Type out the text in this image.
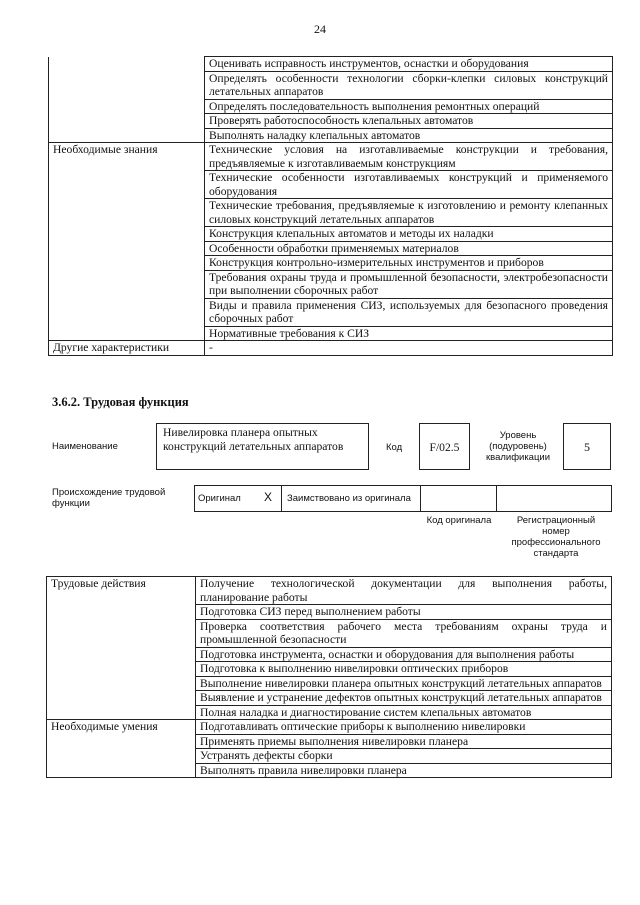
24
	Оценивать исправность инструментов, оснастки и оборудования
	Определять особенности технологии сборки-клепки силовых конструкций летательных аппаратов
	Определять последовательность выполнения ремонтных операций
	Проверять работоспособность клепальных автоматов
	Выполнять наладку клепальных автоматов
Необходимые знания	Технические условия на изготавливаемые конструкции и требования, предъявляемые к изготавливаемым конструкциям
	Технические особенности изготавливаемых конструкций и применяемого оборудования
	Технические требования, предъявляемые к изготовлению и ремонту клепанных силовых конструкций летательных аппаратов
	Конструкция клепальных автоматов и методы их наладки
	Особенности обработки применяемых материалов
	Конструкция контрольно-измерительных инструментов и приборов
	Требования охраны труда и промышленной безопасности, электробезопасности при выполнении сборочных работ
	Виды и правила применения СИЗ, используемых для безопасного проведения сборочных работ
	Нормативные требования к СИЗ
Другие характеристики	-
3.6.2. Трудовая функция
Наименование
Нивелировка планера опытных конструкций летательных аппаратов	Код	F/02.5
Уровень (подуровень) квалификации
5
Происхождение трудовой функции	Оригинал X Заимствовано из оригинала
Код оригинала	Регистрационный номер профессионального стандарта
Трудовые действия	Получение технологической документации для выполнения работы, планирование работы
	Подготовка СИЗ перед выполнением работы
	Проверка соответствия рабочего места требованиям охраны труда и промышленной безопасности
	Подготовка инструмента, оснастки и оборудования для выполнения работы
	Подготовка к выполнению нивелировки оптических приборов
	Выполнение нивелировки планера опытных конструкций летательных аппаратов
	Выявление и устранение дефектов опытных конструкций летательных аппаратов
	Полная наладка и диагностирование систем клепальных автоматов
Необходимые умения	Подготавливать оптические приборы к выполнению нивелировки
	Применять приемы выполнения нивелировки планера
	Устранять дефекты сборки
	Выполнять правила нивелировки планера
